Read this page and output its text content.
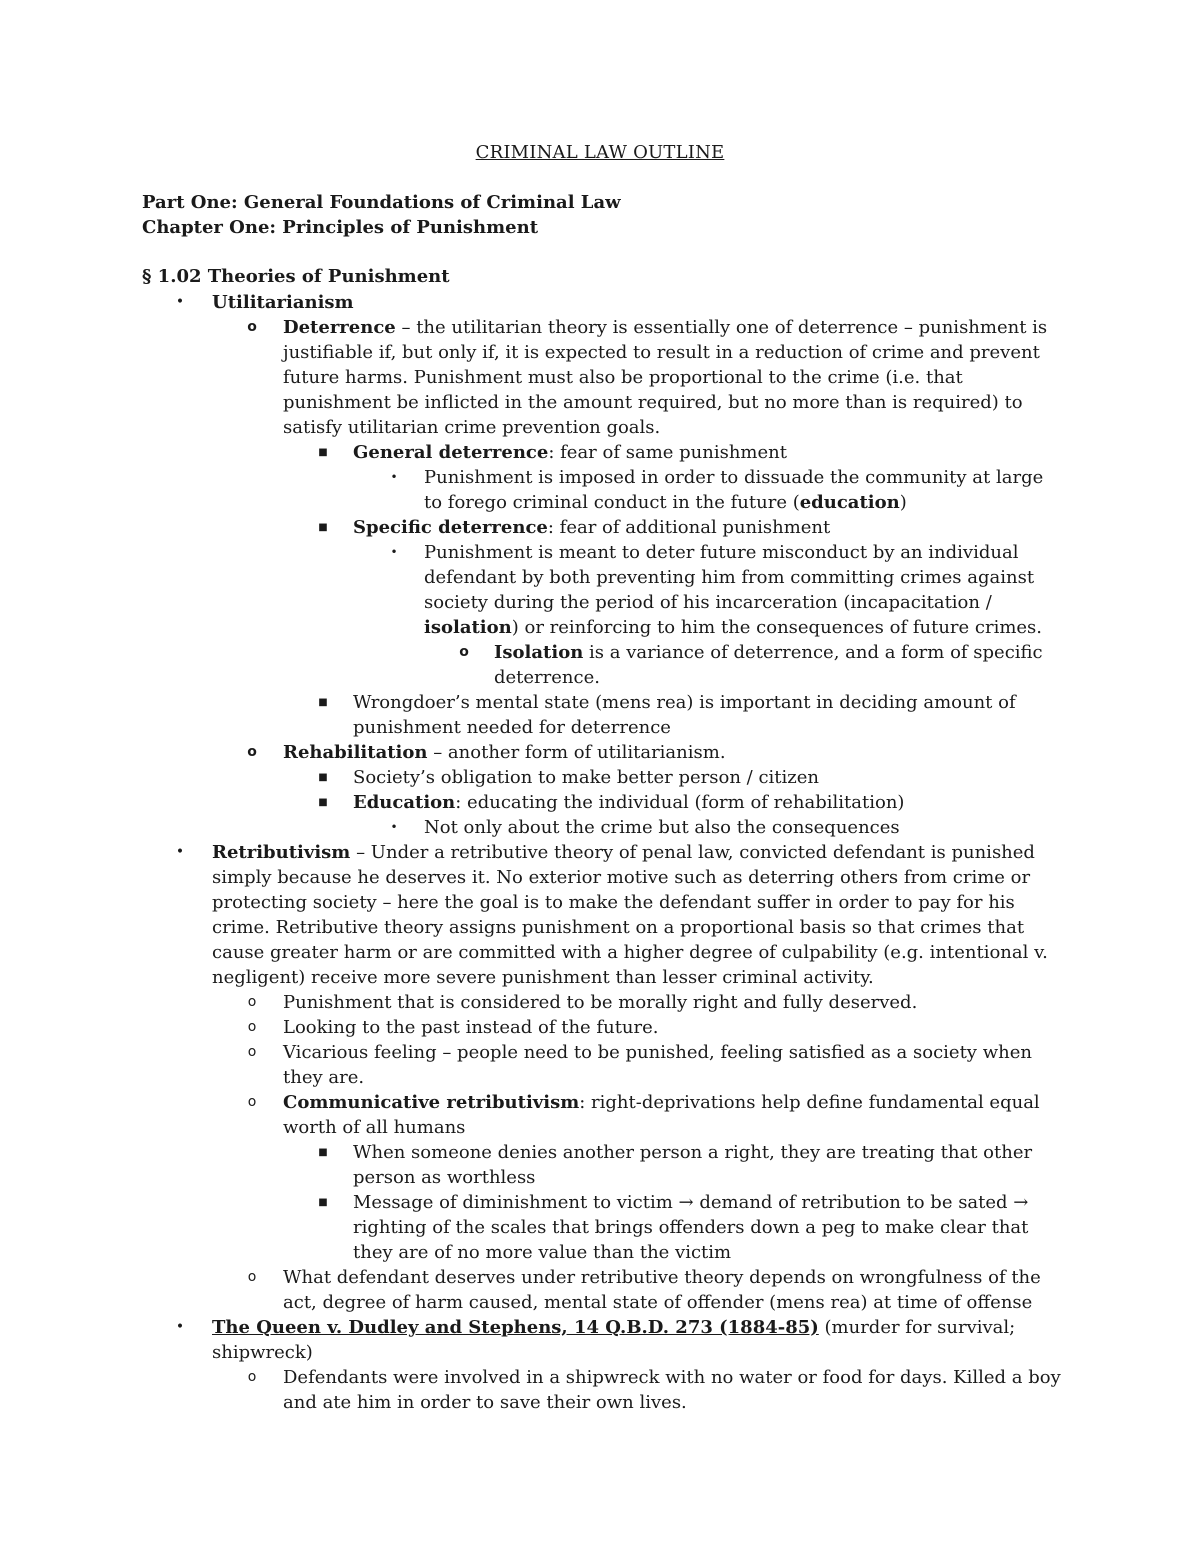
CRIMINAL LAW OUTLINE
Part One: General Foundations of Criminal Law
Chapter One: Principles of Punishment
§ 1.02 Theories of Punishment
•	Utilitarianism
o Deterrence – the utilitarian theory is essentially one of deterrence – punishment is justifiable if, but only if, it is expected to result in a reduction of crime and prevent future harms. Punishment must also be proportional to the crime (i.e. that punishment be inflicted in the amount required, but no more than is required) to satisfy utilitarian crime prevention goals.
■ General deterrence: fear of same punishment
•	Punishment is imposed in order to dissuade the community at large to forego criminal conduct in the future (education)
■ Specific deterrence: fear of additional punishment
•	Punishment is meant to deter future misconduct by an individual defendant by both preventing him from committing crimes against society during the period of his incarceration (incapacitation / isolation) or reinforcing to him the consequences of future crimes.
o Isolation is a variance of deterrence, and a form of specific deterrence.
■ Wrongdoer’s mental state (mens rea) is important in deciding amount of punishment needed for deterrence
o Rehabilitation – another form of utilitarianism.
■ Society’s obligation to make better person / citizen
■ Education: educating the individual (form of rehabilitation)
•	Not only about the crime but also the consequences
•	Retributivism – Under a retributive theory of penal law, convicted defendant is punished simply because he deserves it. No exterior motive such as deterring others from crime or protecting society – here the goal is to make the defendant suffer in order to pay for his crime. Retributive theory assigns punishment on a proportional basis so that crimes that cause greater harm or are committed with a higher degree of culpability (e.g. intentional v. negligent) receive more severe punishment than lesser criminal activity.
o	Punishment that is considered to be morally right and fully deserved.
o	Looking to the past instead of the future.
o	Vicarious feeling – people need to be punished, feeling satisfied as a society when they are.
o	Communicative retributivism: right-deprivations help define fundamental equal worth of all humans
■ When someone denies another person a right, they are treating that other person as worthless
■ Message of diminishment to victim → demand of retribution to be sated → righting of the scales that brings offenders down a peg to make clear that they are of no more value than the victim
o	What defendant deserves under retributive theory depends on wrongfulness of the act, degree of harm caused, mental state of offender (mens rea) at time of offense
•	The Queen v. Dudley and Stephens, 14 Q.B.D. 273 (1884-85) (murder for survival; shipwreck)
o	Defendants were involved in a shipwreck with no water or food for days. Killed a boy and ate him in order to save their own lives.
